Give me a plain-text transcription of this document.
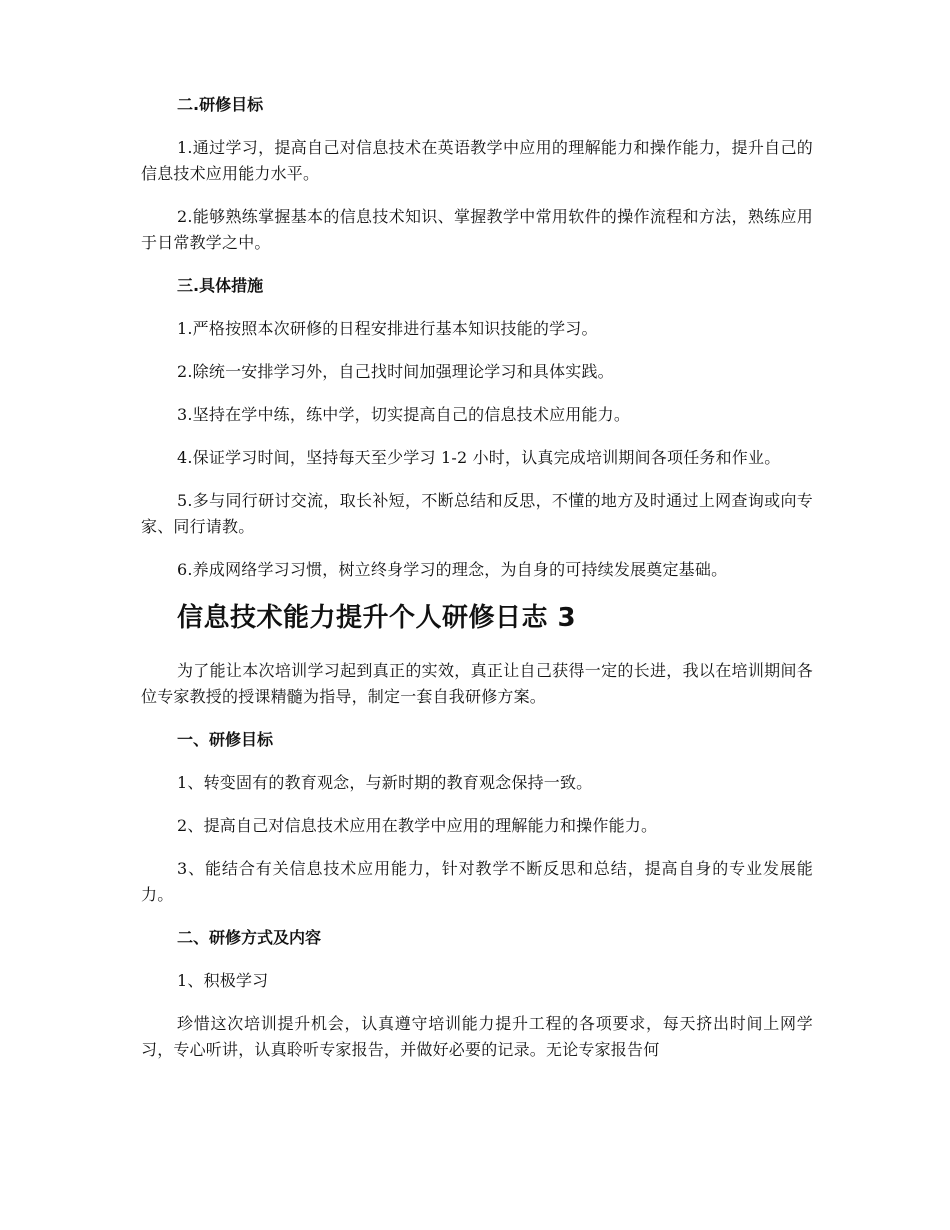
二.研修目标

1.通过学习，提高自己对信息技术在英语教学中应用的理解能力和操作能力，提升自己的信息技术应用能力水平。

2.能够熟练掌握基本的信息技术知识、掌握教学中常用软件的操作流程和方法，熟练应用于日常教学之中。

三.具体措施

1.严格按照本次研修的日程安排进行基本知识技能的学习。

2.除统一安排学习外，自己找时间加强理论学习和具体实践。

3.坚持在学中练，练中学，切实提高自己的信息技术应用能力。

4.保证学习时间，坚持每天至少学习 1-2 小时，认真完成培训期间各项任务和作业。

5.多与同行研讨交流，取长补短，不断总结和反思，不懂的地方及时通过上网查询或向专家、同行请教。

6.养成网络学习习惯，树立终身学习的理念，为自身的可持续发展奠定基础。

信息技术能力提升个人研修日志 3

为了能让本次培训学习起到真正的实效，真正让自己获得一定的长进，我以在培训期间各位专家教授的授课精髓为指导，制定一套自我研修方案。

一、研修目标

1、转变固有的教育观念，与新时期的教育观念保持一致。

2、提高自己对信息技术应用在教学中应用的理解能力和操作能力。

3、能结合有关信息技术应用能力，针对教学不断反思和总结，提高自身的专业发展能力。

二、研修方式及内容

1、积极学习

珍惜这次培训提升机会，认真遵守培训能力提升工程的各项要求，每天挤出时间上网学习，专心听讲，认真聆听专家报告，并做好必要的记录。无论专家报告何
